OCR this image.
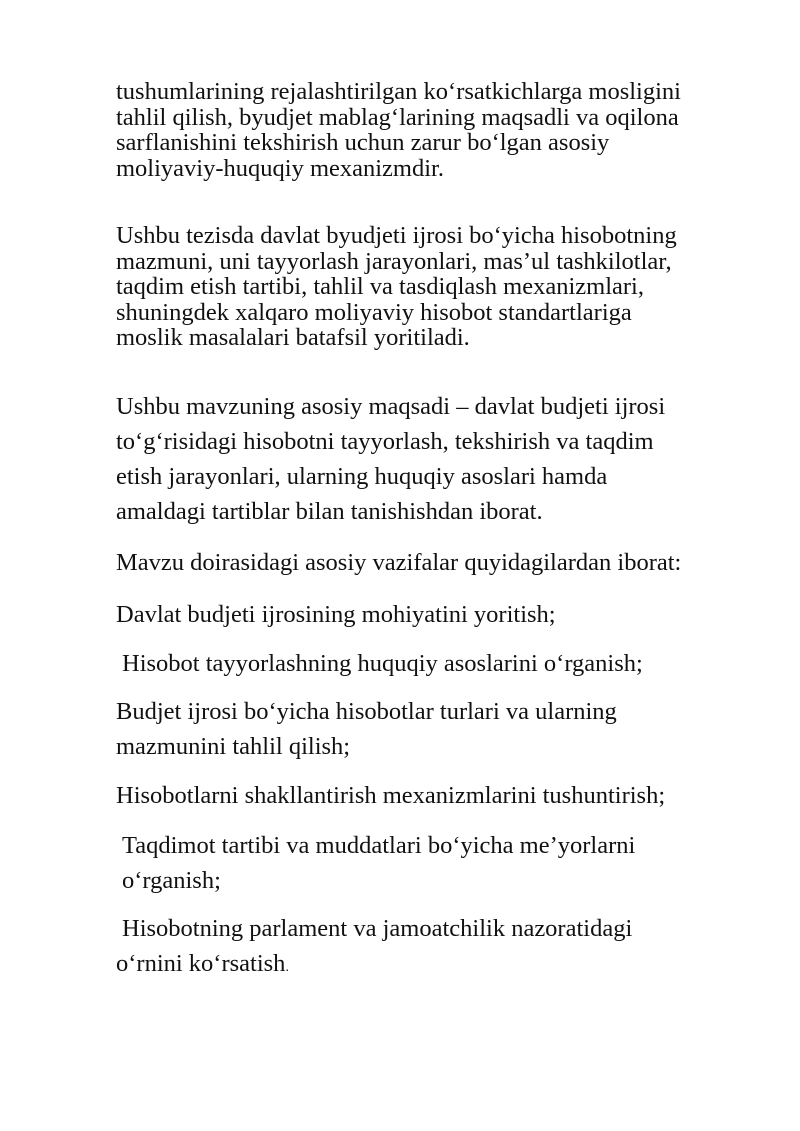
tushumlarining rejalashtirilgan ko‘rsatkichlarga mosligini
tahlil qilish, byudjet mablag‘larining maqsadli va oqilona
sarflanishini tekshirish uchun zarur bo‘lgan asosiy
moliyaviy-huquqiy mexanizmdir.
Ushbu tezisda davlat byudjeti ijrosi bo‘yicha hisobotning
mazmuni, uni tayyorlash jarayonlari, mas’ul tashkilotlar,
taqdim etish tartibi, tahlil va tasdiqlash mexanizmlari,
shuningdek xalqaro moliyaviy hisobot standartlariga
moslik masalalari batafsil yoritiladi.
Ushbu mavzuning asosiy maqsadi – davlat budjeti ijrosi
to‘g‘risidagi hisobotni tayyorlash, tekshirish va taqdim
etish jarayonlari, ularning huquqiy asoslari hamda
amaldagi tartiblar bilan tanishishdan iborat.
Mavzu doirasidagi asosiy vazifalar quyidagilardan iborat:
Davlat budjeti ijrosining mohiyatini yoritish;
Hisobot tayyorlashning huquqiy asoslarini o‘rganish;
Budjet ijrosi bo‘yicha hisobotlar turlari va ularning
mazmunini tahlil qilish;
Hisobotlarni shakllantirish mexanizmlarini tushuntirish;
Taqdimot tartibi va muddatlari bo‘yicha me’yorlarni
o‘rganish;
Hisobotning parlament va jamoatchilik nazoratidagi
o‘rnini ko‘rsatish.
